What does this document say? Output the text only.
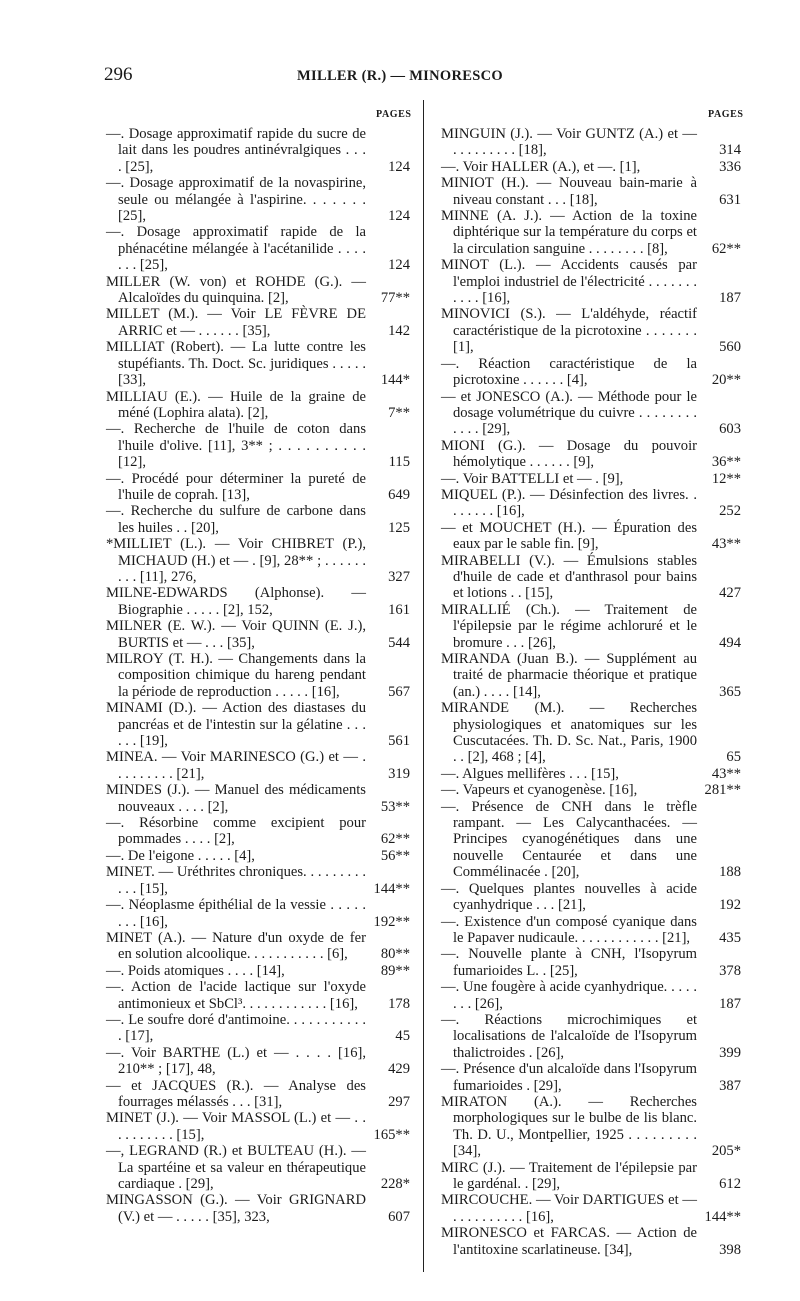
296	MILLER (R.) — MINORESCO
PAGES	PAGES
—. Dosage approximatif rapide du sucre de lait dans les poudres antinévralgiques . . . . [25],	124
—. Dosage approximatif de la novaspirine, seule ou mélangée à l'aspirine. . . . . . . [25],	124
—. Dosage approximatif rapide de la phénacétine mélangée à l'acétanilide . . . . . . . [25],	124
MILLER (W. von) et ROHDE (G.). — Alcaloïdes du quinquina. [2],	77**
MILLET (M.). — Voir LE FÈVRE DE ARRIC et — . . . . . . [35],	142
MILLIAT (Robert). — La lutte contre les stupéfiants. Th. Doct. Sc. juridiques . . . . . [33],	144*
MILLIAU (E.). — Huile de la graine de méné (Lophira alata). [2],	7**
—. Recherche de l'huile de coton dans l'huile d'olive. [11], 3** ; . . . . . . . . . . [12],	115
—. Procédé pour déterminer la pureté de l'huile de coprah. [13],	649
—. Recherche du sulfure de carbone dans les huiles . . [20],	125
*MILLIET (L.). — Voir CHIBRET (P.), MICHAUD (H.) et — . [9], 28** ; . . . . . . . . . [11], 276,	327
MILNE-EDWARDS (Alphonse). — Biographie . . . . . [2], 152,	161
MILNER (E. W.). — Voir QUINN (E. J.), BURTIS et — . . . [35],	544
MILROY (T. H.). — Changements dans la composition chimique du hareng pendant la période de reproduction . . . . . [16],	567
MINAMI (D.). — Action des diastases du pancréas et de l'intestin sur la gélatine . . . . . . [19],	561
MINEA. — Voir MARINESCO (G.) et — . . . . . . . . . [21],	319
MINDES (J.). — Manuel des médicaments nouveaux . . . . [2],	53**
—. Résorbine comme excipient pour pommades . . . . [2],	62**
—. De l'eigone . . . . . [4],	56**
MINET. — Uréthrites chroniques. . . . . . . . . . . . [15],	144**
—. Néoplasme épithélial de la vessie . . . . . . . . [16],	192**
MINET (A.). — Nature d'un oxyde de fer en solution alcoolique. . . . . . . . . . . [6],	80**
—. Poids atomiques . . . . [14],	89**
—. Action de l'acide lactique sur l'oxyde antimonieux et SbCl³. . . . . . . . . . . . [16],	178
—. Le soufre doré d'antimoine. . . . . . . . . . . . [17],	45
—. Voir BARTHE (L.) et — . . . . [16], 210** ; [17], 48,	429
— et JACQUES (R.). — Analyse des fourrages mélassés . . . [31],	297
MINET (J.). — Voir MASSOL (L.) et — . . . . . . . . . . [15],	165**
—, LEGRAND (R.) et BULTEAU (H.). — La spartéine et sa valeur en thérapeutique cardiaque . [29],	228*
MINGASSON (G.). — Voir GRIGNARD (V.) et — . . . . . [35], 323,	607
MINGUIN (J.). — Voir GUNTZ (A.) et — . . . . . . . . . [18],	314
—. Voir HALLER (A.), et —. [1],	336
MINIOT (H.). — Nouveau bain-marie à niveau constant . . . [18],	631
MINNE (A. J.). — Action de la toxine diphtérique sur la température du corps et la circulation sanguine . . . . . . . . [8],	62**
MINOT (L.). — Accidents causés par l'emploi industriel de l'électricité . . . . . . . . . . . [16],	187
MINOVICI (S.). — L'aldéhyde, réactif caractéristique de la picrotoxine . . . . . . . [1],	560
—. Réaction caractéristique de la picrotoxine . . . . . . [4],	20**
— et JONESCO (A.). — Méthode pour le dosage volumétrique du cuivre . . . . . . . . . . . . [29],	603
MIONI (G.). — Dosage du pouvoir hémolytique . . . . . . [9],	36**
—. Voir BATTELLI et — . [9],	12**
MIQUEL (P.). — Désinfection des livres. . . . . . . . [16],	252
— et MOUCHET (H.). — Épuration des eaux par le sable fin. [9],	43**
MIRABELLI (V.). — Émulsions stables d'huile de cade et d'anthrasol pour bains et lotions . . [15],	427
MIRALLIÉ (Ch.). — Traitement de l'épilepsie par le régime achloruré et le bromure . . . [26],	494
MIRANDA (Juan B.). — Supplément au traité de pharmacie théorique et pratique (an.) . . . . [14],	365
MIRANDE (M.). — Recherches physiologiques et anatomiques sur les Cuscutacées. Th. D. Sc. Nat., Paris, 1900 . . [2], 468 ; [4],	65
—. Algues mellifères . . . [15],	43**
—. Vapeurs et cyanogenèse. [16],	281**
—. Présence de CNH dans le trèfle rampant. — Les Calycanthacées. — Principes cyanogénétiques dans une nouvelle Centaurée et dans une Commélinacée . [20],	188
—. Quelques plantes nouvelles à acide cyanhydrique . . . [21],	192
—. Existence d'un composé cyanique dans le Papaver nudicaule. . . . . . . . . . . . [21],	435
—. Nouvelle plante à CNH, l'Isopyrum fumarioides L. . [25],	378
—. Une fougère à acide cyanhydrique. . . . . . . . [26],	187
—. Réactions microchimiques et localisations de l'alcaloïde de l'Isopyrum thalictroides . [26],	399
—. Présence d'un alcaloïde dans l'Isopyrum fumarioides . [29],	387
MIRATON (A.). — Recherches morphologiques sur le bulbe de lis blanc. Th. D. U., Montpellier, 1925 . . . . . . . . . [34],	205*
MIRC (J.). — Traitement de l'épilepsie par le gardénal. . [29],	612
MIRCOUCHE. — Voir DARTIGUES et — . . . . . . . . . . [16],	144**
MIRONESCO et FARCAS. — Action de l'antitoxine scarlatineuse. [34],	398
